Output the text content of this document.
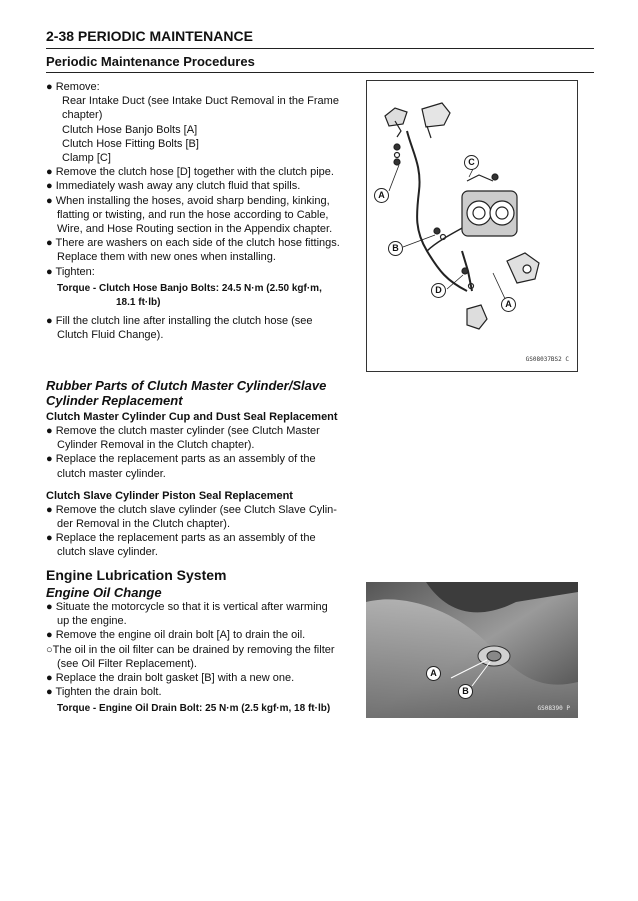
2-38 PERIODIC MAINTENANCE
Periodic Maintenance Procedures
● Remove:
Rear Intake Duct (see Intake Duct Removal in the Frame
chapter)
Clutch Hose Banjo Bolts [A]
Clutch Hose Fitting Bolts [B]
Clamp [C]
● Remove the clutch hose [D] together with the clutch pipe.
● Immediately wash away any clutch fluid that spills.
● When installing the hoses, avoid sharp bending, kinking,
flatting or twisting, and run the hose according to Cable,
Wire, and Hose Routing section in the Appendix chapter.
● There are washers on each side of the clutch hose fittings.
Replace them with new ones when installing.
● Tighten:
Torque - Clutch Hose Banjo Bolts: 24.5 N·m (2.50 kgf·m,
18.1 ft·lb)
● Fill the clutch line after installing the clutch hose (see
Clutch Fluid Change).
A
B
C
D
A
GS08037BS2 C
Rubber Parts of Clutch Master Cylinder/Slave
Cylinder Replacement
Clutch Master Cylinder Cup and Dust Seal Replacement
● Remove the clutch master cylinder (see Clutch Master
Cylinder Removal in the Clutch chapter).
● Replace the replacement parts as an assembly of the
clutch master cylinder.
Clutch Slave Cylinder Piston Seal Replacement
● Remove the clutch slave cylinder (see Clutch Slave Cylin-
der Removal in the Clutch chapter).
● Replace the replacement parts as an assembly of the
clutch slave cylinder.
Engine Lubrication System
Engine Oil Change
● Situate the motorcycle so that it is vertical after warming
up the engine.
● Remove the engine oil drain bolt [A] to drain the oil.
○The oil in the oil filter can be drained by removing the filter
(see Oil Filter Replacement).
● Replace the drain bolt gasket [B] with a new one.
● Tighten the drain bolt.
Torque - Engine Oil Drain Bolt: 25 N·m (2.5 kgf·m, 18 ft·lb)
A
B
GS08390 P
